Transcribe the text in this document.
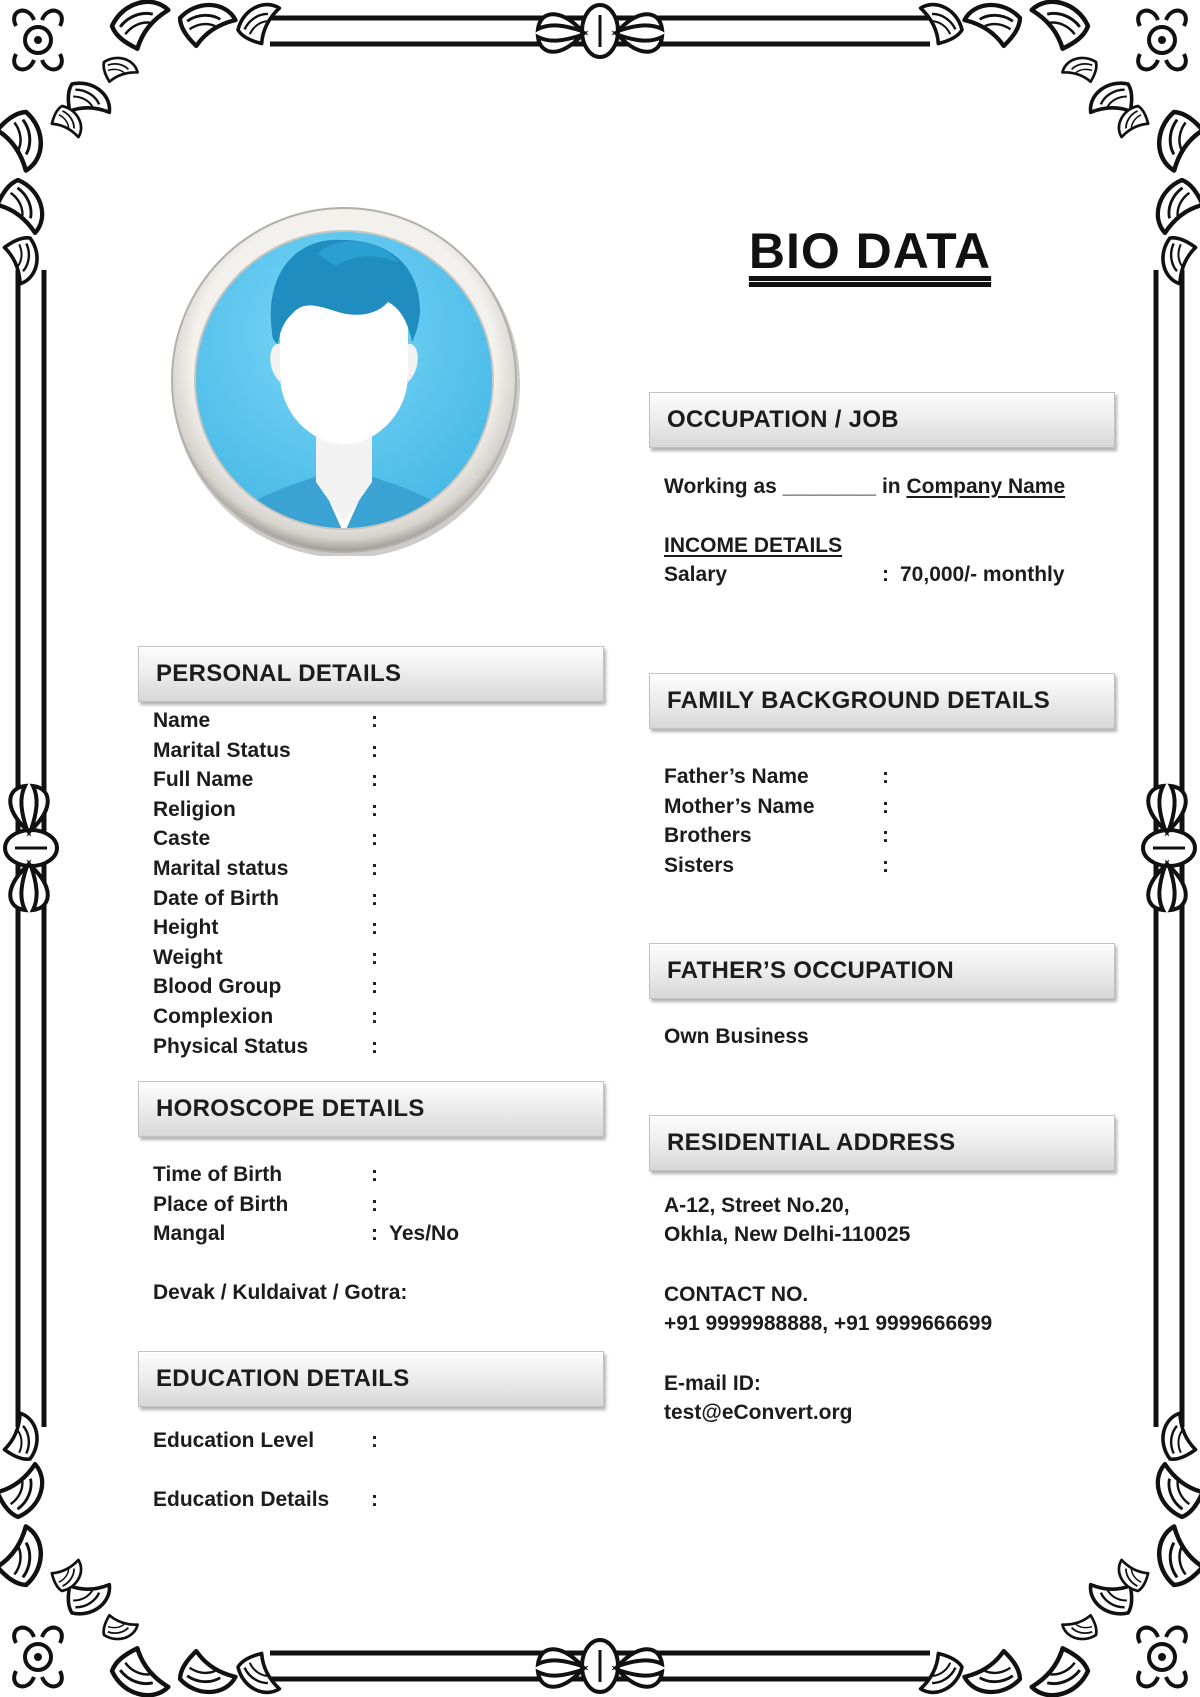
BIO DATA
OCCUPATION / JOB
Working as ________ in Company Name
INCOME DETAILS
Salary	: 70,000/- monthly
PERSONAL DETAILS
Name	:
Marital Status	:
Full Name	:
Religion	:
Caste	:
Marital status	:
Date of Birth	:
Height	:
Weight	:
Blood Group	:
Complexion	:
Physical Status	:
HOROSCOPE DETAILS
Time of Birth	:
Place of Birth	:
Mangal	: Yes/No
Devak / Kuldaivat / Gotra:
EDUCATION DETAILS
Education Level	:
Education Details :
FAMILY BACKGROUND DETAILS
Father’s Name	:
Mother’s Name	:
Brothers	:
Sisters	:
FATHER’S OCCUPATION
Own Business
RESIDENTIAL ADDRESS
A-12, Street No.20,
Okhla, New Delhi-110025
CONTACT NO.
+91 9999988888, +91 9999666699
E-mail ID:
test@eConvert.org
